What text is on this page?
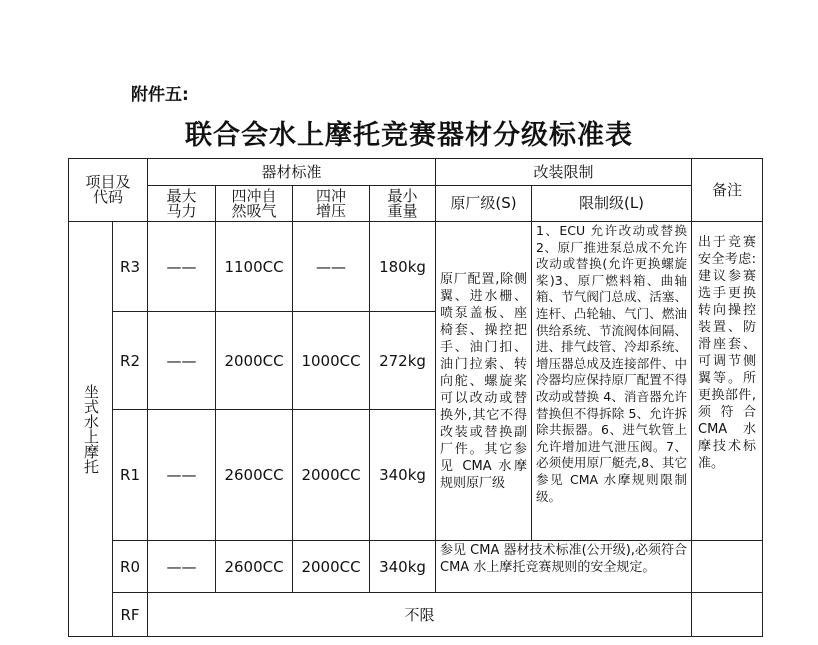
附件五:
联合会水上摩托竞赛器材分级标准表
项目及代码		器材标准				改装限制		备注

		最大马力	四冲自然吸气	四冲增压	最小重量	原厂级(S)	限制级(L)	

坐式水上摩托	R3	——	1100CC	——	180kg	原厂配置,除侧翼、进水栅、喷泵盖板、座椅套、操控把手、油门扣、油门拉索、转向舵、螺旋桨可以改动或替换外,其它不得改装或替换副厂件。其它参见 CMA 水摩规则原厂级	1、ECU 允许改动或替换 2、原厂推进泵总成不允许改动或替换(允许更换螺旋桨)3、原厂燃料箱、曲轴箱、节气阀门总成、活塞、连杆、凸轮轴、气门、燃油供给系统、节流阀体间隔、进、排气歧管、冷却系统、增压器总成及连接部件、中冷器均应保持原厂配置不得改动或替换 4、消音器允许替换但不得拆除 5、允许拆除共振器。6、进气软管上允许增加进气泄压阀。7、必须使用原厂艇壳,8、其它参见 CMA 水摩规则限制级。	出于竞赛安全考虑:建议参赛选手更换转向操控装置、防滑座套、可调节侧翼等。所更换部件,须符合 CMA 水摩技术标准。
	R2	——	2000CC	1000CC	272kg			
	R1	——	2600CC	2000CC	340kg			
	R0	——	2600CC	2000CC	340kg	参见 CMA 器材技术标准(公开级),必须符合 CMA 水上摩托竞赛规则的安全规定。		
	RF	不限						
